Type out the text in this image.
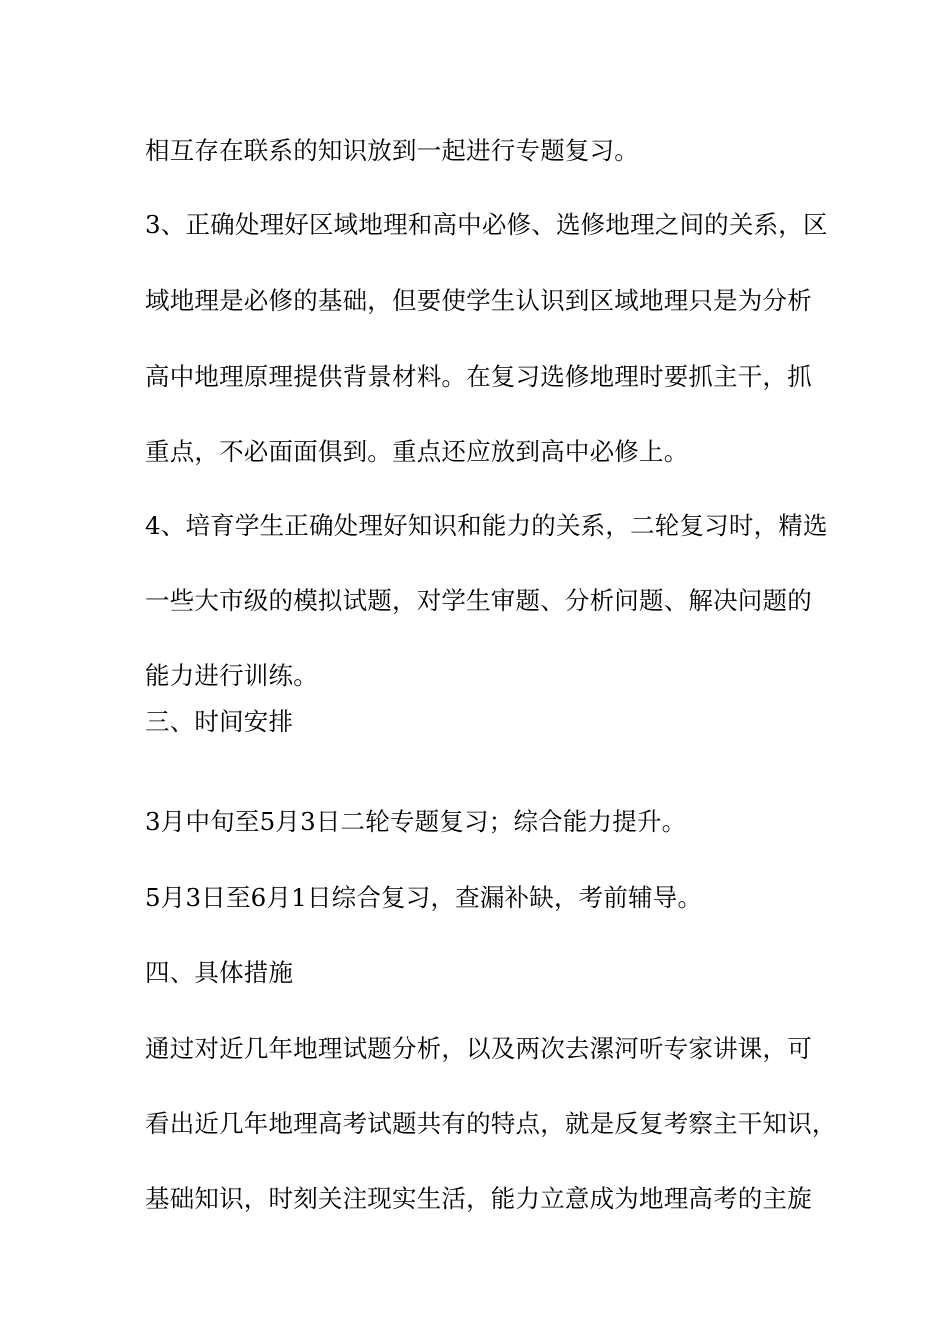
相互存在联系的知识放到一起进行专题复习。
3、正确处理好区域地理和高中必修、选修地理之间的关系，区
域地理是必修的基础，但要使学生认识到区域地理只是为分析
高中地理原理提供背景材料。在复习选修地理时要抓主干，抓
重点，不必面面俱到。重点还应放到高中必修上。
4、培育学生正确处理好知识和能力的关系，二轮复习时，精选
一些大市级的模拟试题，对学生审题、分析问题、解决问题的
能力进行训练。
三、时间安排
3月中旬至5月3日二轮专题复习；综合能力提升。
5月3日至6月1日综合复习，查漏补缺，考前辅导。
四、具体措施
通过对近几年地理试题分析，以及两次去漯河听专家讲课，可
看出近几年地理高考试题共有的特点，就是反复考察主干知识，
基础知识，时刻关注现实生活，能力立意成为地理高考的主旋
